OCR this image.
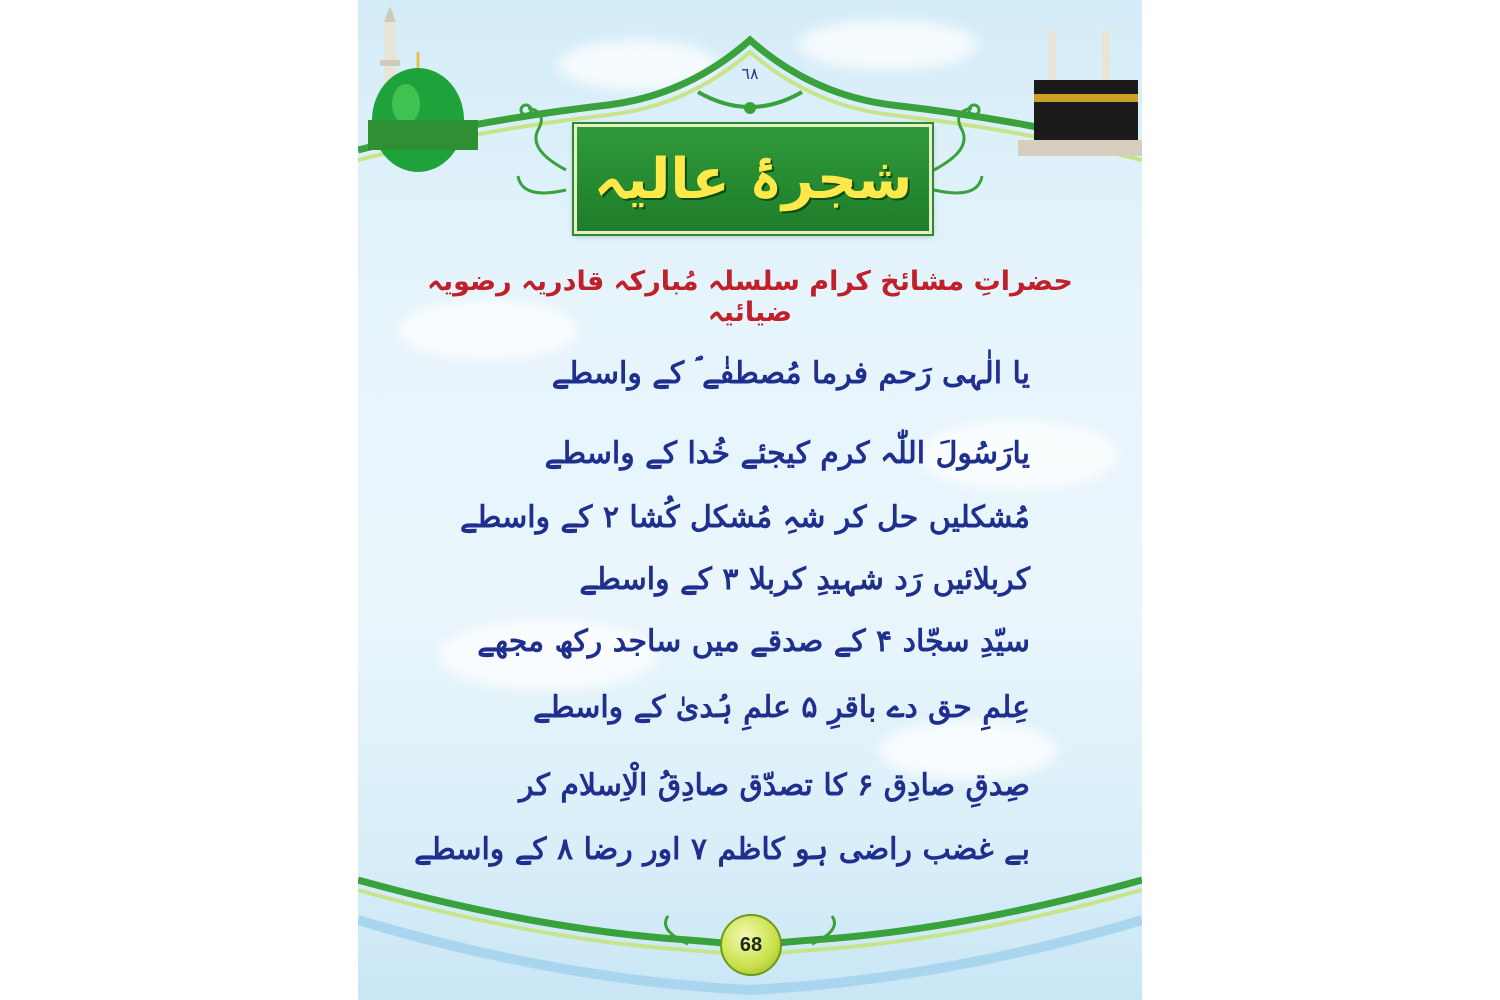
٦٨
شجرۂ عالیہ
حضراتِ مشائخ کرام سلسلہ مُبارکہ قادریہ رضویہ ضیائیہ
یا الٰہی رَحم فرما مُصطفٰے ؐ کے واسطے
یارَسُولَ اللّٰہ کرم کیجئے خُدا کے واسطے
مُشکلیں حل کر شہِ مُشکل کُشا ۲ کے واسطے
کربلائیں رَد شہیدِ کربلا ۳ کے واسطے
سیّدِ سجّاد ۴ کے صدقے میں ساجد رکھ مجھے
عِلمِ حق دے باقرِ ۵ علمِ ہُدیٰ کے واسطے
صِدقِ صادِق ۶ کا تصدّق صادِقُ الْاِسلام کر
بے غضب راضی ہو کاظم ۷ اور رضا ۸ کے واسطے
68
